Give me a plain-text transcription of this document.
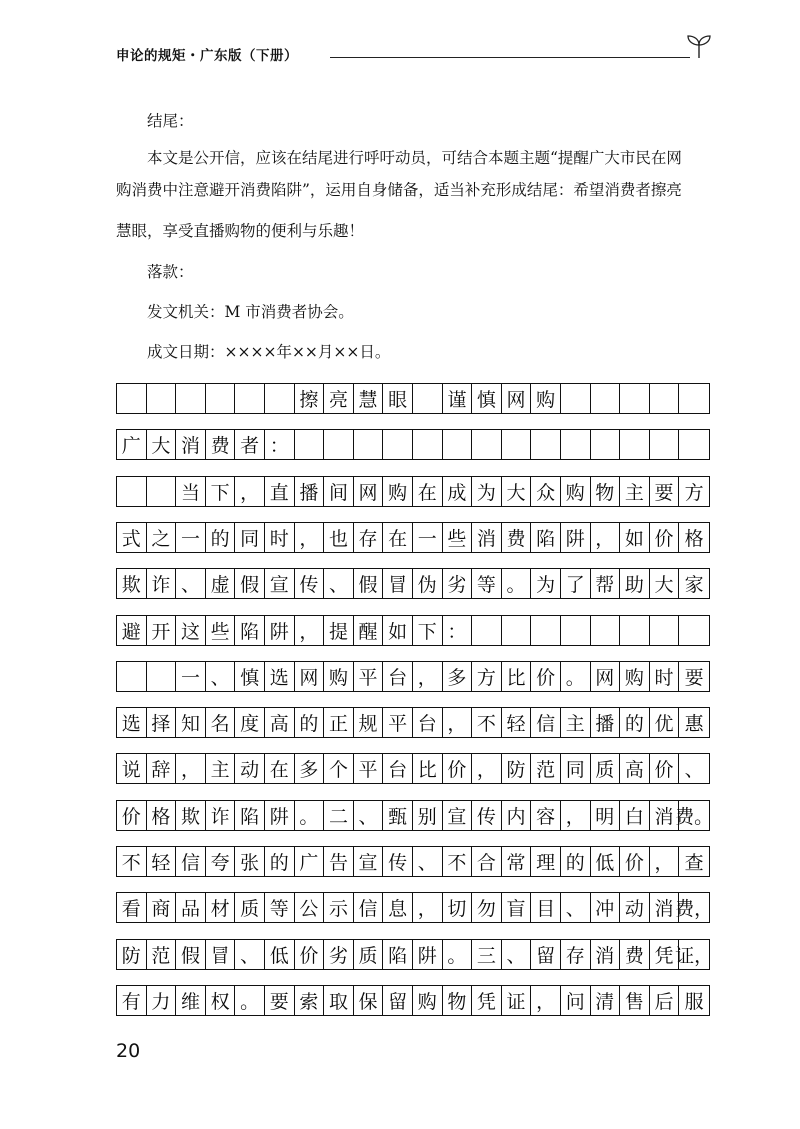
申论的规矩・广东版（下册）

结尾：

本文是公开信，应该在结尾进行呼吁动员，可结合本题主题“提醒广大市民在网

购消费中注意避开消费陷阱”，运用自身储备，适当补充形成结尾：希望消费者擦亮

慧眼，享受直播购物的便利与乐趣！

落款：

发文机关：M 市消费者协会。

成文日期：××××年××月××日。

擦 亮 慧 眼	谨 慎 网 购
广 大 消 费 者 ：
当 下 ， 直 播 间 网 购 在 成 为 大 众 购 物 主 要 方
式 之 一 的 同 时 ， 也 存 在 一 些 消 费 陷 阱 ， 如 价 格
欺 诈 、 虚 假 宣 传 、 假 冒 伪 劣 等 。 为 了 帮 助 大 家
避 开 这 些 陷 阱 ， 提 醒 如 下 ：
一 、 慎 选 网 购 平 台 ， 多 方 比 价 。 网 购 时 要
选 择 知 名 度 高 的 正 规 平 台 ， 不 轻 信 主 播 的 优 惠
说 辞 ， 主 动 在 多 个 平 台 比 价 ， 防 范 同 质 高 价 、
价 格 欺 诈 陷 阱 。 二 、 甄 别 宣 传 内 容 ， 明 白 消 费。
不 轻 信 夸 张 的 广 告 宣 传 、 不 合 常 理 的 低 价 ， 查
看 商 品 材 质 等 公 示 信 息 ， 切 勿 盲 目 、 冲 动 消 费，
防 范 假 冒 、 低 价 劣 质 陷 阱 。 三 、 留 存 消 费 凭 证，
有 力 维 权 。 要 索 取 保 留 购 物 凭 证 ， 问 清 售 后 服
20
